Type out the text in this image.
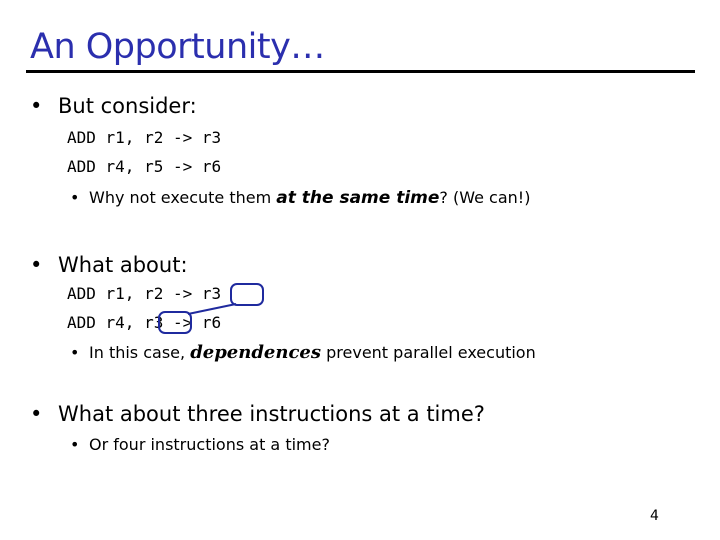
An Opportunity…
• But consider:
ADD r1, r2 -> r3
ADD r4, r5 -> r6
• Why not execute them at the same time? (We can!)
• What about:
ADD r1, r2 -> r3
ADD r4, r3 -> r6
• In this case, dependences prevent parallel execution
• What about three instructions at a time?
• Or four instructions at a time?
4
